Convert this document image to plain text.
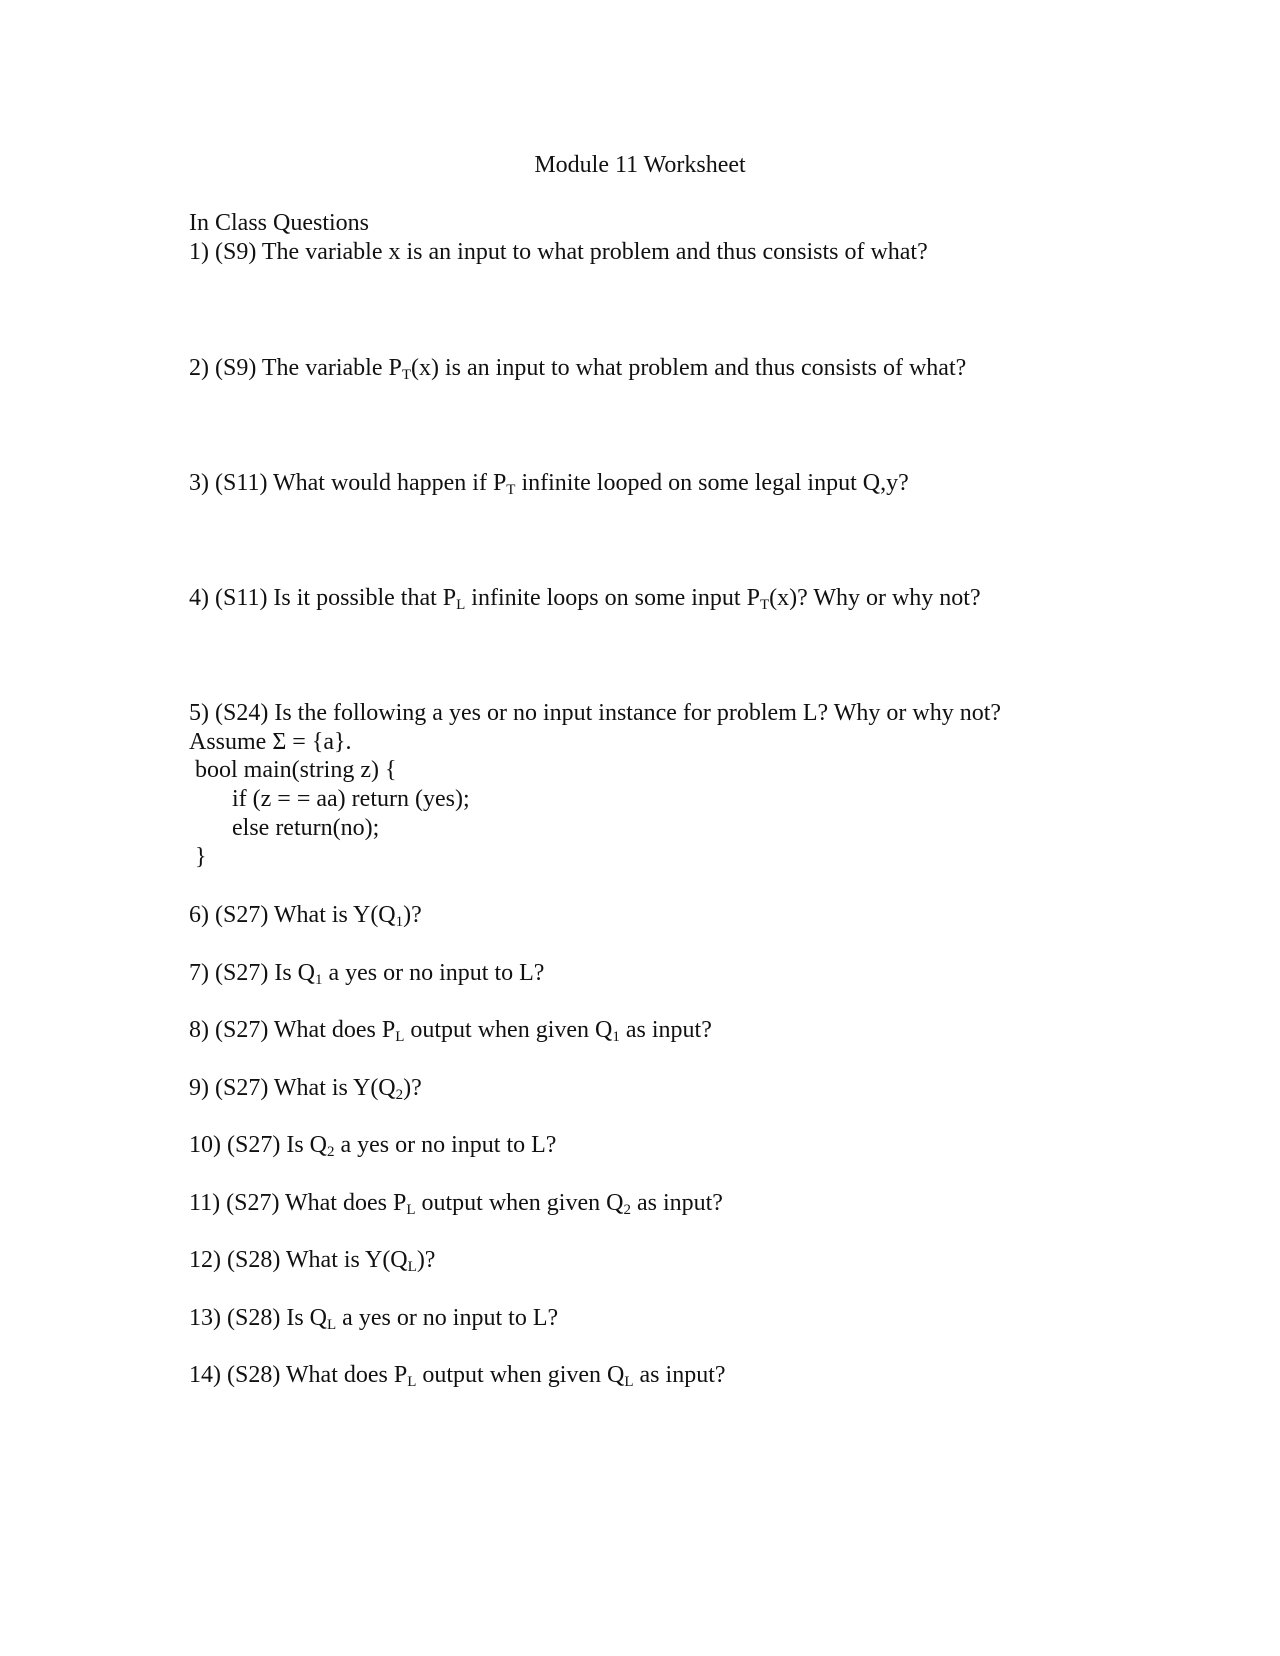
Module 11 Worksheet
In Class Questions
1) (S9) The variable x is an input to what problem and thus consists of what?
2) (S9) The variable PT(x) is an input to what problem and thus consists of what?
3) (S11) What would happen if PT infinite looped on some legal input Q,y?
4) (S11) Is it possible that PL infinite loops on some input PT(x)? Why or why not?
5) (S24) Is the following a yes or no input instance for problem L? Why or why not?
Assume Σ = {a}.
bool main(string z) {
if (z = = aa) return (yes);
else return(no);
}
6) (S27) What is Y(Q1)?
7) (S27) Is Q1 a yes or no input to L?
8) (S27) What does PL output when given Q1 as input?
9) (S27) What is Y(Q2)?
10) (S27) Is Q2 a yes or no input to L?
11) (S27) What does PL output when given Q2 as input?
12) (S28) What is Y(QL)?
13) (S28) Is QL a yes or no input to L?
14) (S28) What does PL output when given QL as input?
